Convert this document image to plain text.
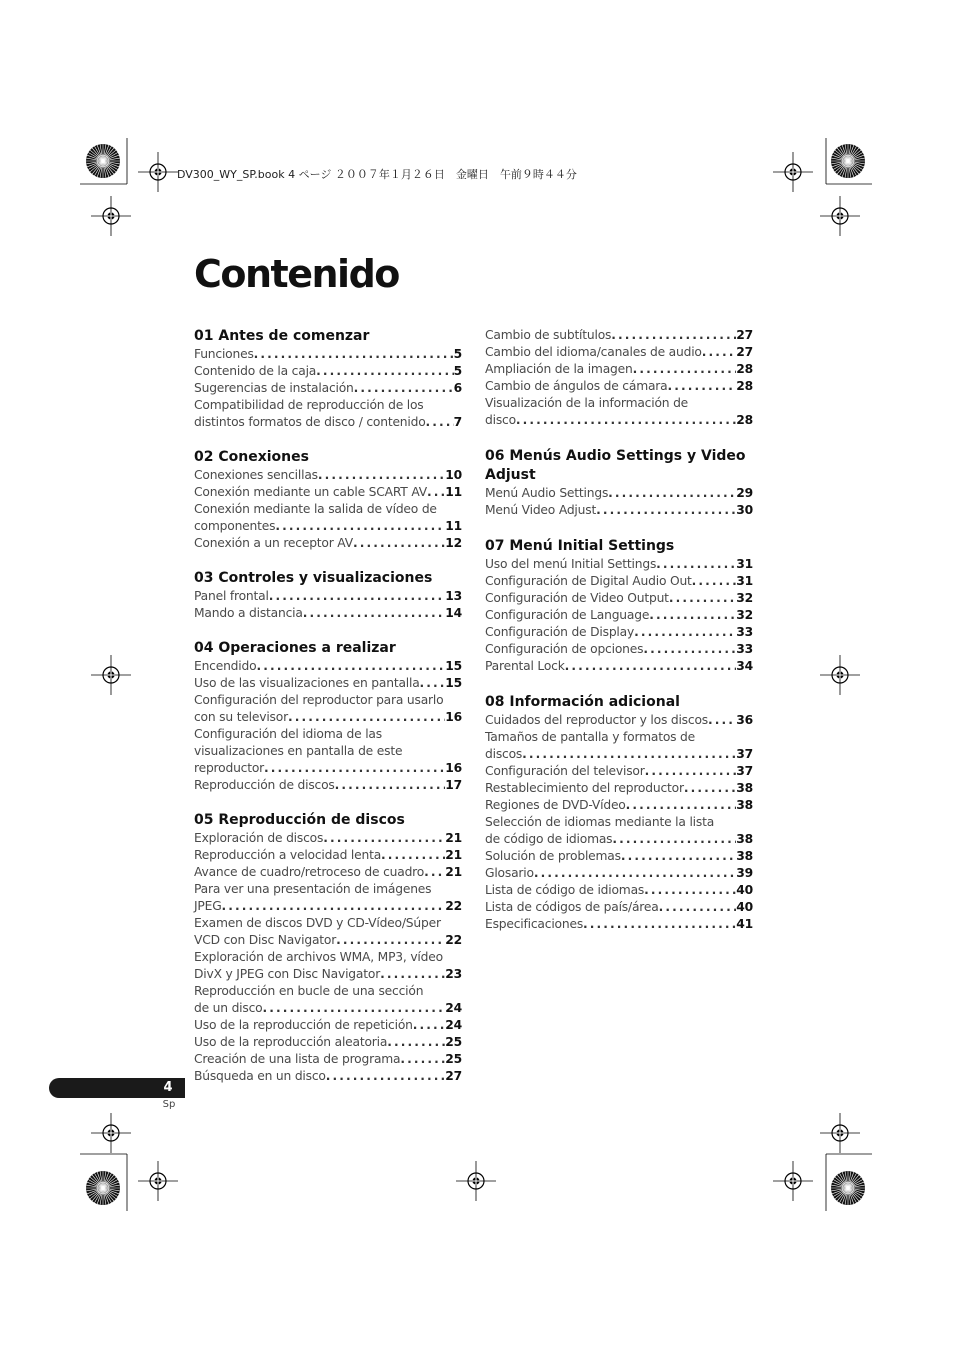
DV300_WY_SP.book 4 ページ ２００７年１月２６日　金曜日　午前９時４４分
Contenido
01 Antes de comenzar
Funciones . . .	5
Contenido de la caja . . .	5
Sugerencias de instalación . . .	6
Compatibilidad de reproducción de los
distintos formatos de disco / contenido . . . 7
02 Conexiones
Conexiones sencillas . . .	10
Conexión mediante un cable SCART AV . . . 11
Conexión mediante la salida de vídeo de
componentes . . .	11
Conexión a un receptor AV . . .	12
03 Controles y visualizaciones
Panel frontal . . .	13
Mando a distancia . . .	14
04 Operaciones a realizar
Encendido . . .	15
Uso de las visualizaciones en pantalla . . . 15
Configuración del reproductor para usarlo
con su televisor . . .	16
Configuración del idioma de las
visualizaciones en pantalla de este
reproductor . . .	16
Reproducción de discos . . .	17
05 Reproducción de discos
Exploración de discos . . .	21
Reproducción a velocidad lenta . . .	21
Avance de cuadro/retroceso de cuadro . . . 21
Para ver una presentación de imágenes
JPEG . . .	22
Examen de discos DVD y CD-Vídeo/Súper
VCD con Disc Navigator . . .	22
Exploración de archivos WMA, MP3, vídeo
DivX y JPEG con Disc Navigator . . .	23
Reproducción en bucle de una sección
de un disco . . .	24
Uso de la reproducción de repetición . . .	24
Uso de la reproducción aleatoria . . .	25
Creación de una lista de programa . . .	25
Búsqueda en un disco . . .	27
Cambio de subtítulos . . .	27
Cambio del idioma/canales de audio . . .	27
Ampliación de la imagen . . .	28
Cambio de ángulos de cámara . . .	28
Visualización de la información de
disco . . .	28
06 Menús Audio Settings y Video Adjust
Menú Audio Settings . . .	29
Menú Video Adjust . . .	30
07 Menú Initial Settings
Uso del menú Initial Settings . . .	31
Configuración de Digital Audio Out . . .	31
Configuración de Video Output . . .	32
Configuración de Language . . .	32
Configuración de Display . . .	33
Configuración de opciones . . .	33
Parental Lock . . .	34
08 Información adicional
Cuidados del reproductor y los discos . . . 36
Tamaños de pantalla y formatos de
discos . . .	37
Configuración del televisor . . .	37
Restablecimiento del reproductor . . .	38
Regiones de DVD-Vídeo . . .	38
Selección de idiomas mediante la lista
de código de idiomas . . .	38
Solución de problemas . . .	38
Glosario . . .	39
Lista de código de idiomas . . .	40
Lista de códigos de país/área . . .	40
Especificaciones . . .	41
4
Sp
